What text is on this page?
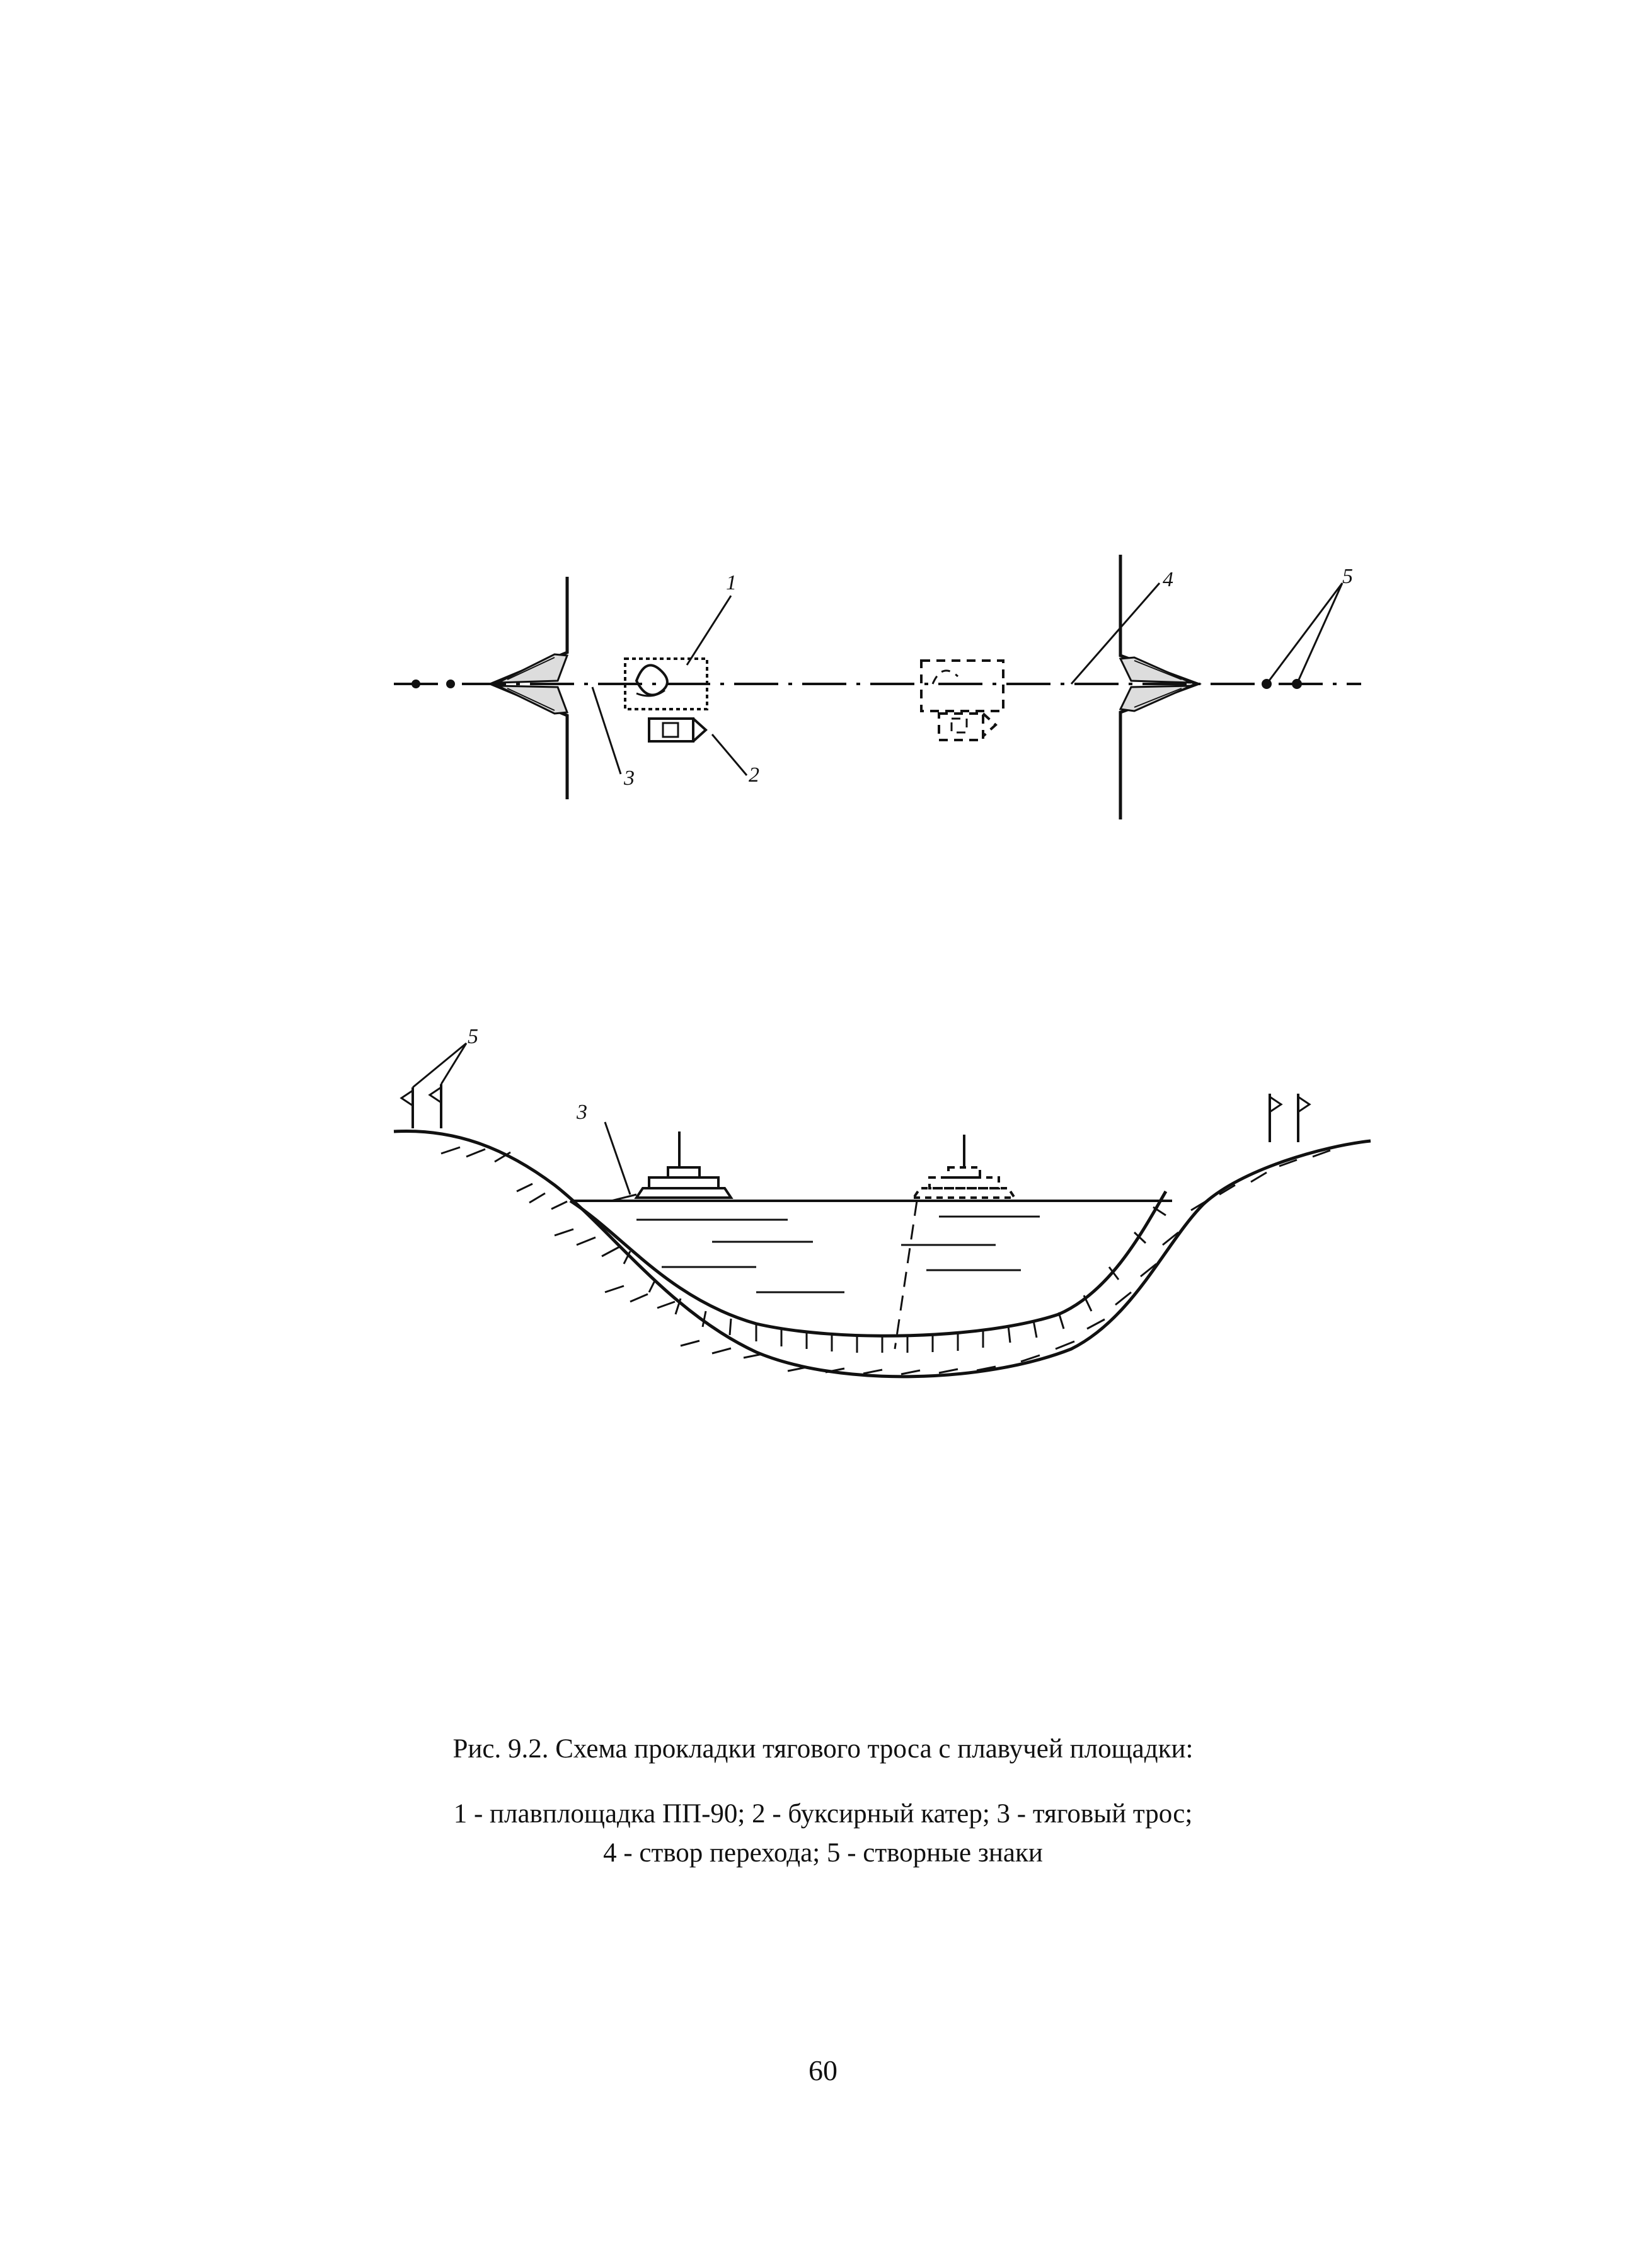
1
2
3
4	5
3
5
Рис. 9.2. Схема прокладки тягового троса с плавучей площадки:
1 - плавплощадка ПП-90; 2 - буксирный катер; 3 - тяговый трос;
4 - створ перехода; 5 - створные знаки
60
